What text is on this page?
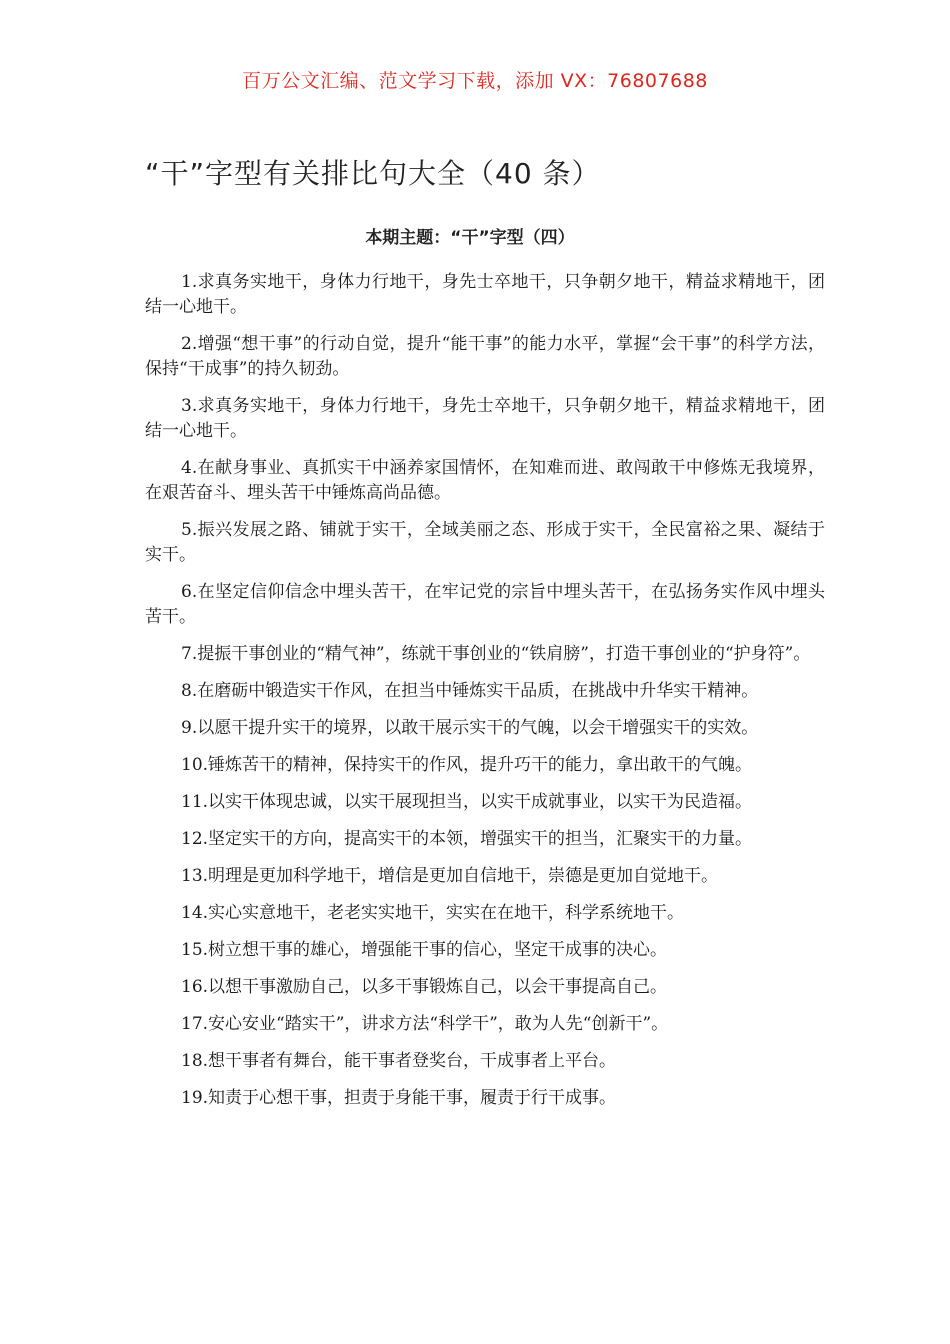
百万公文汇编、范文学习下载，添加 VX：76807688
“干”字型有关排比句大全（40 条）
本期主题：“干”字型（四）
1.求真务实地干，身体力行地干，身先士卒地干，只争朝夕地干，精益求精地干，团结一心地干。
2.增强“想干事”的行动自觉，提升“能干事”的能力水平，掌握“会干事”的科学方法，保持“干成事”的持久韧劲。
3.求真务实地干，身体力行地干，身先士卒地干，只争朝夕地干，精益求精地干，团结一心地干。
4.在献身事业、真抓实干中涵养家国情怀，在知难而进、敢闯敢干中修炼无我境界，在艰苦奋斗、埋头苦干中锤炼高尚品德。
5.振兴发展之路、铺就于实干，全域美丽之态、形成于实干，全民富裕之果、凝结于实干。
6.在坚定信仰信念中埋头苦干，在牢记党的宗旨中埋头苦干，在弘扬务实作风中埋头苦干。
7.提振干事创业的“精气神”，练就干事创业的“铁肩膀”，打造干事创业的“护身符”。
8.在磨砺中锻造实干作风，在担当中锤炼实干品质，在挑战中升华实干精神。
9.以愿干提升实干的境界，以敢干展示实干的气魄，以会干增强实干的实效。
10.锤炼苦干的精神，保持实干的作风，提升巧干的能力，拿出敢干的气魄。
11.以实干体现忠诚，以实干展现担当，以实干成就事业，以实干为民造福。
12.坚定实干的方向，提高实干的本领，增强实干的担当，汇聚实干的力量。
13.明理是更加科学地干，增信是更加自信地干，崇德是更加自觉地干。
14.实心实意地干，老老实实地干，实实在在地干，科学系统地干。
15.树立想干事的雄心，增强能干事的信心，坚定干成事的决心。
16.以想干事激励自己，以多干事锻炼自己，以会干事提高自己。
17.安心安业“踏实干”，讲求方法“科学干”，敢为人先“创新干”。
18.想干事者有舞台，能干事者登奖台，干成事者上平台。
19.知责于心想干事，担责于身能干事，履责于行干成事。
